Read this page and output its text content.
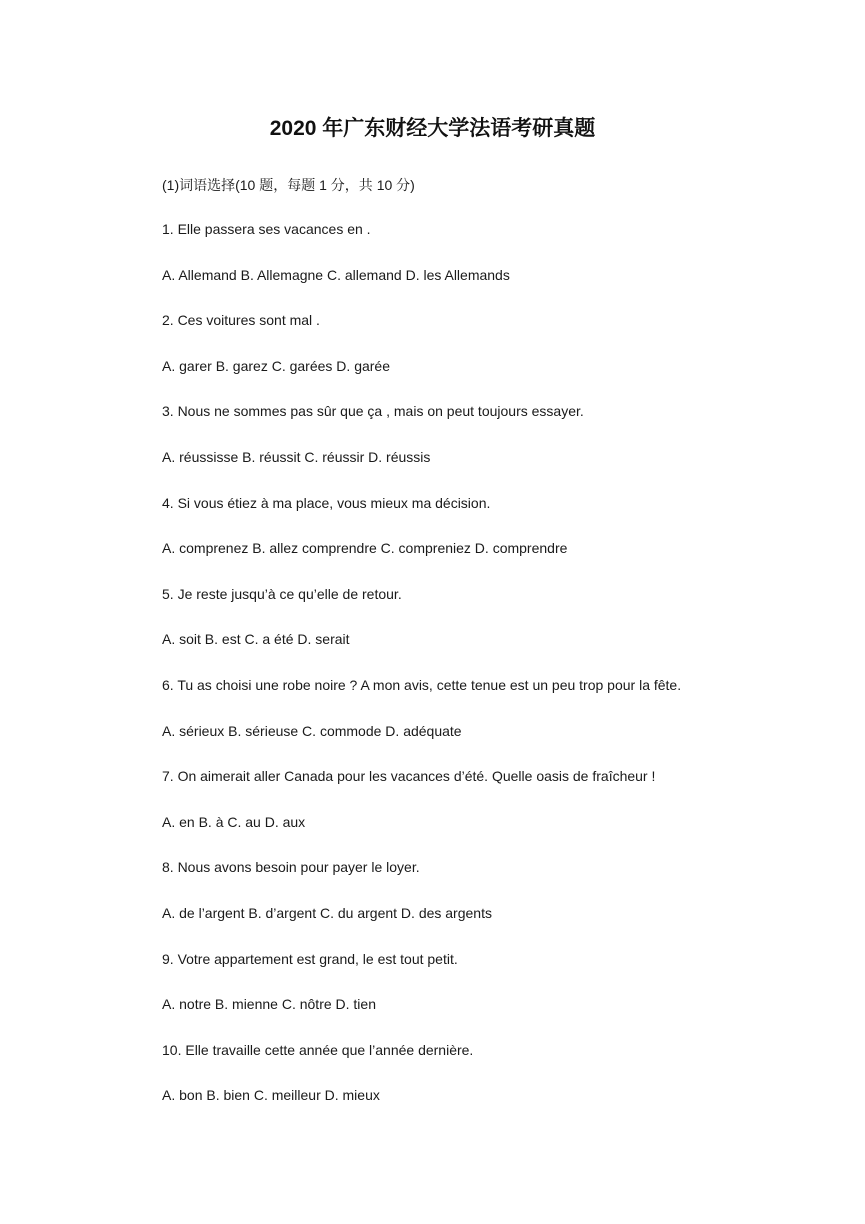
2020 年广东财经大学法语考研真题
(1)词语选择(10 题，每题 1 分，共 10 分)
1. Elle passera ses vacances en .
A. Allemand B. Allemagne C. allemand D. les Allemands
2. Ces voitures sont mal .
A. garer B. garez C. garées D. garée
3. Nous ne sommes pas sûr que ça , mais on peut toujours essayer.
A. réussisse B. réussit C. réussir D. réussis
4. Si vous étiez à ma place, vous mieux ma décision.
A. comprenez B. allez comprendre C. compreniez D. comprendre
5. Je reste jusqu’à ce qu’elle de retour.
A. soit B. est C. a été D. serait
6. Tu as choisi une robe noire ? A mon avis, cette tenue est un peu trop pour la fête.
A. sérieux B. sérieuse C. commode D. adéquate
7. On aimerait aller Canada pour les vacances d’été. Quelle oasis de fraîcheur !
A. en B. à C. au D. aux
8. Nous avons besoin pour payer le loyer.
A. de l’argent B. d’argent C. du argent D. des argents
9. Votre appartement est grand, le est tout petit.
A. notre B. mienne C. nôtre D. tien
10. Elle travaille cette année que l’année dernière.
A. bon B. bien C. meilleur D. mieux
